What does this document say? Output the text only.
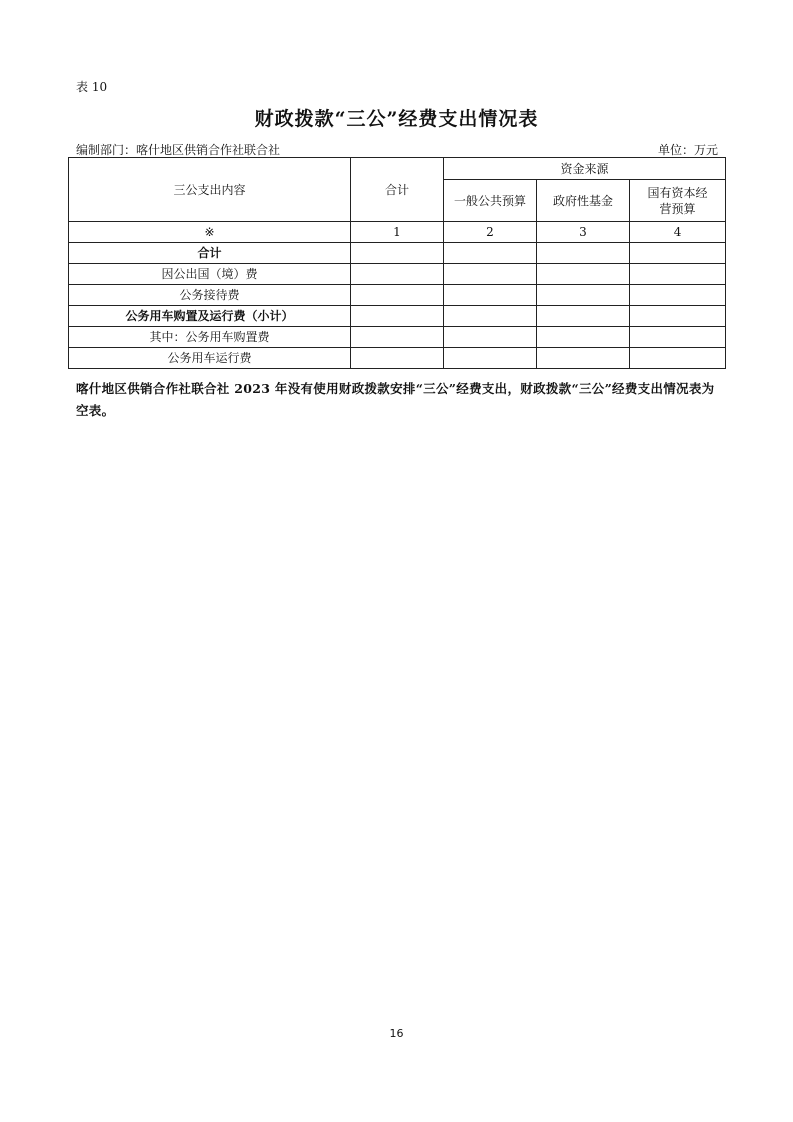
表 10
财政拨款“三公”经费支出情况表
编制部门：喀什地区供销合作社联合社	单位：万元
三公支出内容	合计	资金来源		
		一般公共预算	政府性基金	国有资本经营预算
※	1	2	3	4
合计				
因公出国（境）费				
公务接待费				
公务用车购置及运行费（小计）				
其中：公务用车购置费				
公务用车运行费				
喀什地区供销合作社联合社 2023 年没有使用财政拨款安排“三公”经费支出，财政拨款“三公”经费支出情况表为空表。
16
